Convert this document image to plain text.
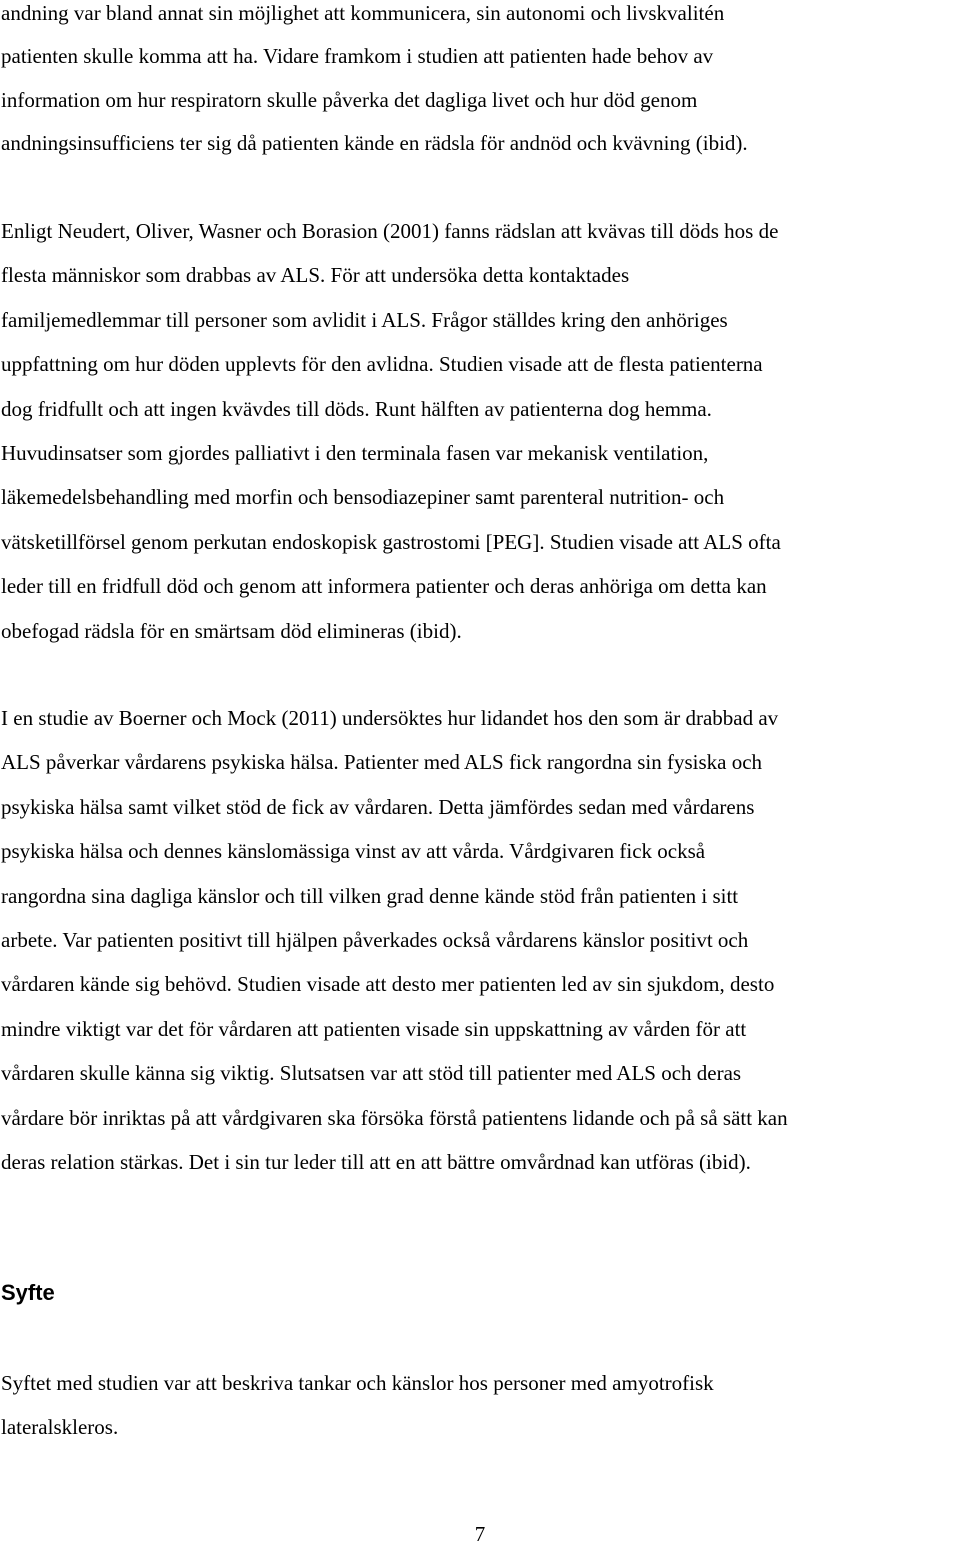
andning var bland annat sin möjlighet att kommunicera, sin autonomi och livskvalitén
patienten skulle komma att ha. Vidare framkom i studien att patienten hade behov av
information om hur respiratorn skulle påverka det dagliga livet och hur död genom
andningsinsufficiens ter sig då patienten kände en rädsla för andnöd och kvävning (ibid).
Enligt Neudert, Oliver, Wasner och Borasion (2001) fanns rädslan att kvävas till döds hos de
flesta människor som drabbas av ALS. För att undersöka detta kontaktades
familjemedlemmar till personer som avlidit i ALS. Frågor ställdes kring den anhöriges
uppfattning om hur döden upplevts för den avlidna. Studien visade att de flesta patienterna
dog fridfullt och att ingen kvävdes till döds. Runt hälften av patienterna dog hemma.
Huvudinsatser som gjordes palliativt i den terminala fasen var mekanisk ventilation,
läkemedelsbehandling med morfin och bensodiazepiner samt parenteral nutrition- och
vätsketillförsel genom perkutan endoskopisk gastrostomi [PEG]. Studien visade att ALS ofta
leder till en fridfull död och genom att informera patienter och deras anhöriga om detta kan
obefogad rädsla för en smärtsam död elimineras (ibid).
I en studie av Boerner och Mock (2011) undersöktes hur lidandet hos den som är drabbad av
ALS påverkar vårdarens psykiska hälsa. Patienter med ALS fick rangordna sin fysiska och
psykiska hälsa samt vilket stöd de fick av vårdaren. Detta jämfördes sedan med vårdarens
psykiska hälsa och dennes känslomässiga vinst av att vårda. Vårdgivaren fick också
rangordna sina dagliga känslor och till vilken grad denne kände stöd från patienten i sitt
arbete. Var patienten positivt till hjälpen påverkades också vårdarens känslor positivt och
vårdaren kände sig behövd. Studien visade att desto mer patienten led av sin sjukdom, desto
mindre viktigt var det för vårdaren att patienten visade sin uppskattning av vården för att
vårdaren skulle känna sig viktig. Slutsatsen var att stöd till patienter med ALS och deras
vårdare bör inriktas på att vårdgivaren ska försöka förstå patientens lidande och på så sätt kan
deras relation stärkas. Det i sin tur leder till att en att bättre omvårdnad kan utföras (ibid).
Syfte
Syftet med studien var att beskriva tankar och känslor hos personer med amyotrofisk
lateralskleros.
7
